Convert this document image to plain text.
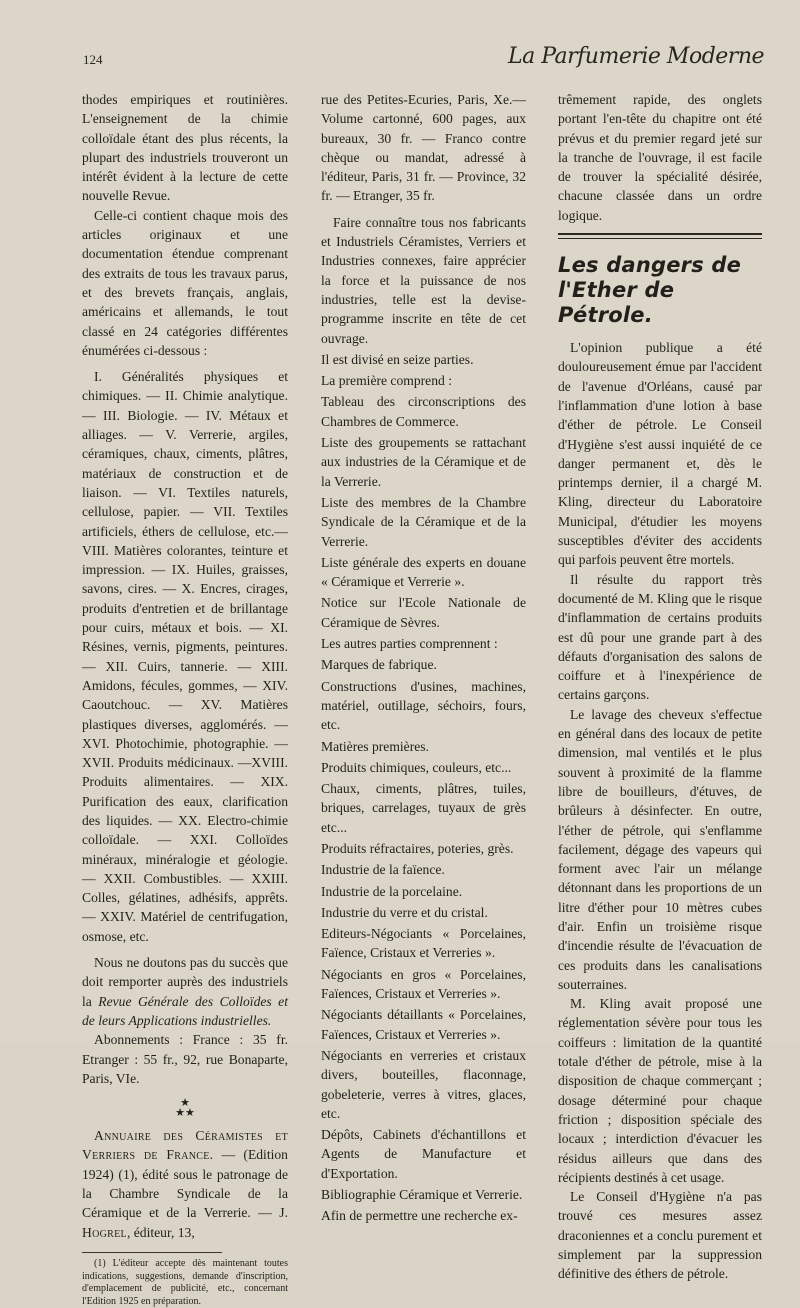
124	La Parfumerie Moderne

thodes empiriques et routinières. L'enseignement de la chimie colloïdale étant des plus récents, la plupart des industriels trouveront un intérêt évident à la lecture de cette nouvelle Revue.

Celle-ci contient chaque mois des articles originaux et une documentation étendue comprenant des extraits de tous les travaux parus, et des brevets français, anglais, américains et allemands, le tout classé en 24 catégories différentes énumérées ci-dessous :

I. Généralités physiques et chimiques. — II. Chimie analytique. — III. Biologie. — IV. Métaux et alliages. — V. Verrerie, argiles, céramiques, chaux, ciments, plâtres, matériaux de construction et de liaison. — VI. Textiles naturels, cellulose, papier. — VII. Textiles artificiels, éthers de cellulose, etc.— VIII. Matières colorantes, teinture et impression. — IX. Huiles, graisses, savons, cires. — X. Encres, cirages, produits d'entretien et de brillantage pour cuirs, métaux et bois. — XI. Résines, vernis, pigments, peintures. — XII. Cuirs, tannerie. — XIII. Amidons, fécules, gommes, — XIV. Caoutchouc. — XV. Matières plastiques diverses, agglomérés. — XVI. Photochimie, photographie. — XVII. Produits médicinaux. —XVIII. Produits alimentaires. — XIX. Purification des eaux, clarification des liquides. — XX. Electro-chimie colloïdale. — XXI. Colloïdes minéraux, minéralogie et géologie. — XXII. Combustibles. — XXIII. Colles, gélatines, adhésifs, apprêts. — XXIV. Matériel de centrifugation, osmose, etc.

Nous ne doutons pas du succès que doit remporter auprès des industriels la Revue Générale des Colloïdes et de leurs Applications industrielles.

Abonnements : France : 35 fr. Etranger : 55 fr., 92, rue Bonaparte, Paris, VIe.

★
★★

Annuaire des Céramistes et Verriers de France. — (Edition 1924) (1), édité sous le patronage de la Chambre Syndicale de la Céramique et de la Verrerie. — J. Hogrel, éditeur, 13,

(1) L'éditeur accepte dès maintenant toutes indications, suggestions, demande d'inscription, d'emplacement de publicité, etc., concernant l'Edition 1925 en préparation.

rue des Petites-Ecuries, Paris, Xe.— Volume cartonné, 600 pages, aux bureaux, 30 fr. — Franco contre chèque ou mandat, adressé à l'éditeur, Paris, 31 fr. — Province, 32 fr. — Etranger, 35 fr.

Faire connaître tous nos fabricants et Industriels Céramistes, Verriers et Industries connexes, faire apprécier la force et la puissance de nos industries, telle est la devise-programme inscrite en tête de cet ouvrage.

Il est divisé en seize parties.

La première comprend :

Tableau des circonscriptions des Chambres de Commerce.

Liste des groupements se rattachant aux industries de la Céramique et de la Verrerie.

Liste des membres de la Chambre Syndicale de la Céramique et de la Verrerie.

Liste générale des experts en douane « Céramique et Verrerie ».

Notice sur l'Ecole Nationale de Céramique de Sèvres.

Les autres parties comprennent :

Marques de fabrique.

Constructions d'usines, machines, matériel, outillage, séchoirs, fours, etc.

Matières premières.

Produits chimiques, couleurs, etc...

Chaux, ciments, plâtres, tuiles, briques, carrelages, tuyaux de grès etc...

Produits réfractaires, poteries, grès.

Industrie de la faïence.

Industrie de la porcelaine.

Industrie du verre et du cristal.

Editeurs-Négociants « Porcelaines, Faïence, Cristaux et Verreries ».

Négociants en gros « Porcelaines, Faïences, Cristaux et Verreries ».

Négociants détaillants « Porcelaines, Faïences, Cristaux et Verreries ».

Négociants en verreries et cristaux divers, bouteilles, flaconnage, gobeleterie, verres à vitres, glaces, etc.

Dépôts, Cabinets d'échantillons et Agents de Manufacture et d'Exportation.

Bibliographie Céramique et Verrerie.

Afin de permettre une recherche ex-

trêmement rapide, des onglets portant l'en-tête du chapitre ont été prévus et du premier regard jeté sur la tranche de l'ouvrage, il est facile de trouver la spécialité désirée, chacune classée dans un ordre logique.

Les dangers de l'Ether de Pétrole.

L'opinion publique a été douloureusement émue par l'accident de l'avenue d'Orléans, causé par l'inflammation d'une lotion à base d'éther de pétrole. Le Conseil d'Hygiène s'est aussi inquiété de ce danger permanent et, dès le printemps dernier, il a chargé M. Kling, directeur du Laboratoire Municipal, d'étudier les moyens susceptibles d'éviter des accidents qui parfois peuvent être mortels.

Il résulte du rapport très documenté de M. Kling que le risque d'inflammation de certains produits est dû pour une grande part à des défauts d'organisation des salons de coiffure et à l'inexpérience de certains garçons.

Le lavage des cheveux s'effectue en général dans des locaux de petite dimension, mal ventilés et le plus souvent à proximité de la flamme libre de bouilleurs, d'étuves, de brûleurs à désinfecter. En outre, l'éther de pétrole, qui s'enflamme facilement, dégage des vapeurs qui forment avec l'air un mélange détonnant dans les proportions de un litre d'éther pour 10 mètres cubes d'air. Enfin un troisième risque d'incendie résulte de l'évacuation de ces produits dans les canalisations souterraines.

M. Kling avait proposé une réglementation sévère pour tous les coiffeurs : limitation de la quantité totale d'éther de pétrole, mise à la disposition de chaque commerçant ; dosage déterminé pour chaque friction ; disposition spéciale des locaux ; interdiction d'évacuer les résidus ailleurs que dans des récipients destinés à cet usage.

Le Conseil d'Hygiène n'a pas trouvé ces mesures assez draconiennes et a conclu purement et simplement par la suppression définitive des éthers de pétrole.
